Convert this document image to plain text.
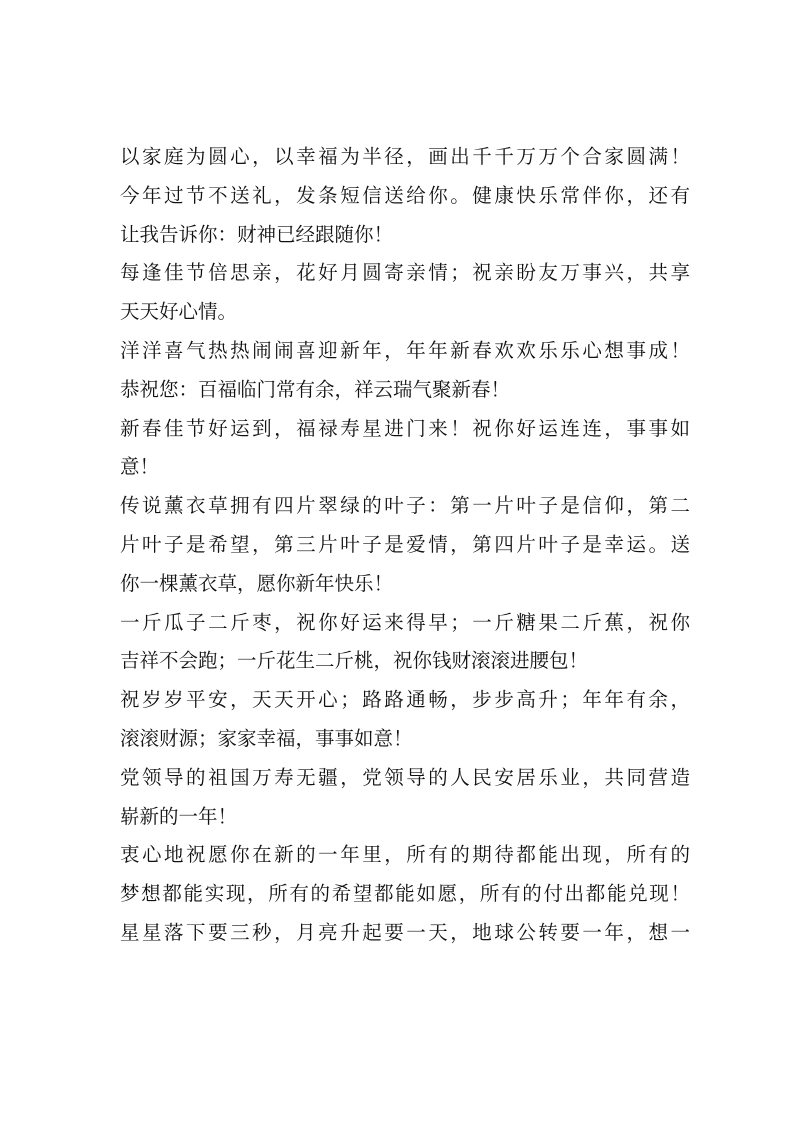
以家庭为圆心，以幸福为半径，画出千千万万个合家圆满！
今年过节不送礼，发条短信送给你。健康快乐常伴你，还有
让我告诉你：财神已经跟随你！
每逢佳节倍思亲，花好月圆寄亲情；祝亲盼友万事兴，共享
天天好心情。
洋洋喜气热热闹闹喜迎新年，年年新春欢欢乐乐心想事成！
恭祝您：百福临门常有余，祥云瑞气聚新春！
新春佳节好运到，福禄寿星进门来！祝你好运连连，事事如
意！
传说薰衣草拥有四片翠绿的叶子：第一片叶子是信仰，第二
片叶子是希望，第三片叶子是爱情，第四片叶子是幸运。送
你一棵薰衣草，愿你新年快乐！
一斤瓜子二斤枣，祝你好运来得早；一斤糖果二斤蕉，祝你
吉祥不会跑；一斤花生二斤桃，祝你钱财滚滚进腰包！
祝岁岁平安，天天开心；路路通畅，步步高升；年年有余，
滚滚财源；家家幸福，事事如意！
党领导的祖国万寿无疆，党领导的人民安居乐业，共同营造
崭新的一年！
衷心地祝愿你在新的一年里，所有的期待都能出现，所有的
梦想都能实现，所有的希望都能如愿，所有的付出都能兑现！
星星落下要三秒，月亮升起要一天，地球公转要一年，想一
